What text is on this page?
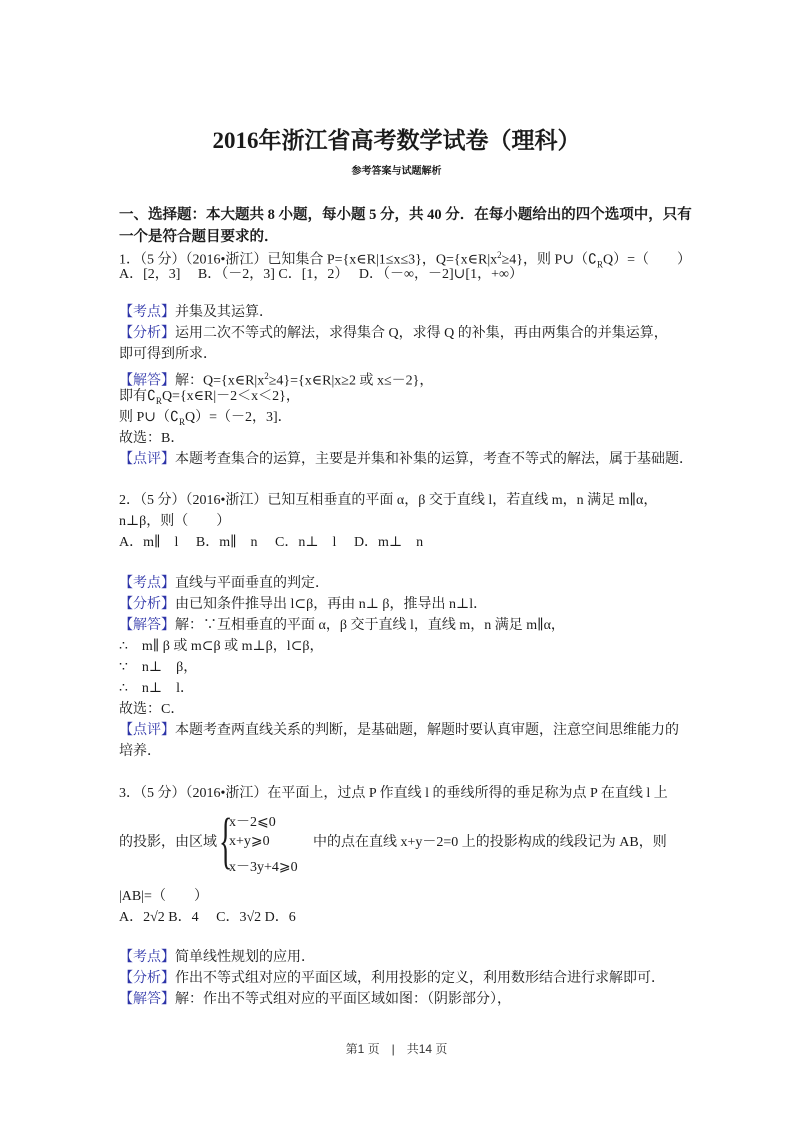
2016年浙江省高考数学试卷（理科）
参考答案与试题解析
一、选择题：本大题共 8 小题，每小题 5 分，共 40 分．在每小题给出的四个选项中，只有
一个是符合题目要求的．
1．（5 分）（2016•浙江）已知集合 P={x∈R|1≤x≤3}，$Q=\{x\in R|x^2\ge 4\}$，则 $P\cup(∁_RQ)=$（　　）
A．[2，3]　 B．（－2，3] C．[1，2）　 D．（－∞，－2]∪[1，+∞）
【考点】并集及其运算．
【分析】运用二次不等式的解法，求得集合 Q，求得 Q 的补集，再由两集合的并集运算，
即可得到所求．
【解答】解：$Q=\{x\in R|x^2\ge 4\}=\{x\in R|x\ge 2$ 或 x≤－2}，
即有$∁_RQ=\{x\in R|-2<x<2\}$，
则 $P\cup(∁_RQ)=(-2$，3]．
故选：B．
【点评】本题考查集合的运算，主要是并集和补集的运算，考查不等式的解法，属于基础题．
2．（5 分）（2016•浙江）已知互相垂直的平面 α，β 交于直线 l，若直线 m，n 满足 m∥α，
n⊥β，则（　　）
A．m∥　l　 B．m∥　n　 C．n⊥　l　 D．m⊥　n
【考点】直线与平面垂直的判定．
【分析】由已知条件推导出 l⊂β，再由 n⊥ β，推导出 n⊥l．
【解答】解：∵互相垂直的平面 α，β 交于直线 l，直线 m，n 满足 m∥α，
∴　m∥ β 或 m⊂β 或 m⊥β，l⊂β，
∵　n⊥　β，
∴　n⊥　l．
故选：C．
【点评】本题考查两直线关系的判断，是基础题，解题时要认真审题，注意空间思维能力的
培养．
3．（5 分）（2016•浙江）在平面上，过点 P 作直线 l 的垂线所得的垂足称为点 P 在直线 l 上
的投影，由区域
　　　　　　　　	中的点在直线 x+y－2=0 上的投影构成的线段记为 AB，则
|AB|=（　　）
A．2√2 B．4　 C．3√2 D．6
【考点】简单线性规划的应用．
【分析】作出不等式组对应的平面区域，利用投影的定义，利用数形结合进行求解即可．
【解答】解：作出不等式组对应的平面区域如图：（阴影部分），
{
x－2⩽0
x+y⩾0
x－3y+4⩾0
第1 页　|　共14 页
